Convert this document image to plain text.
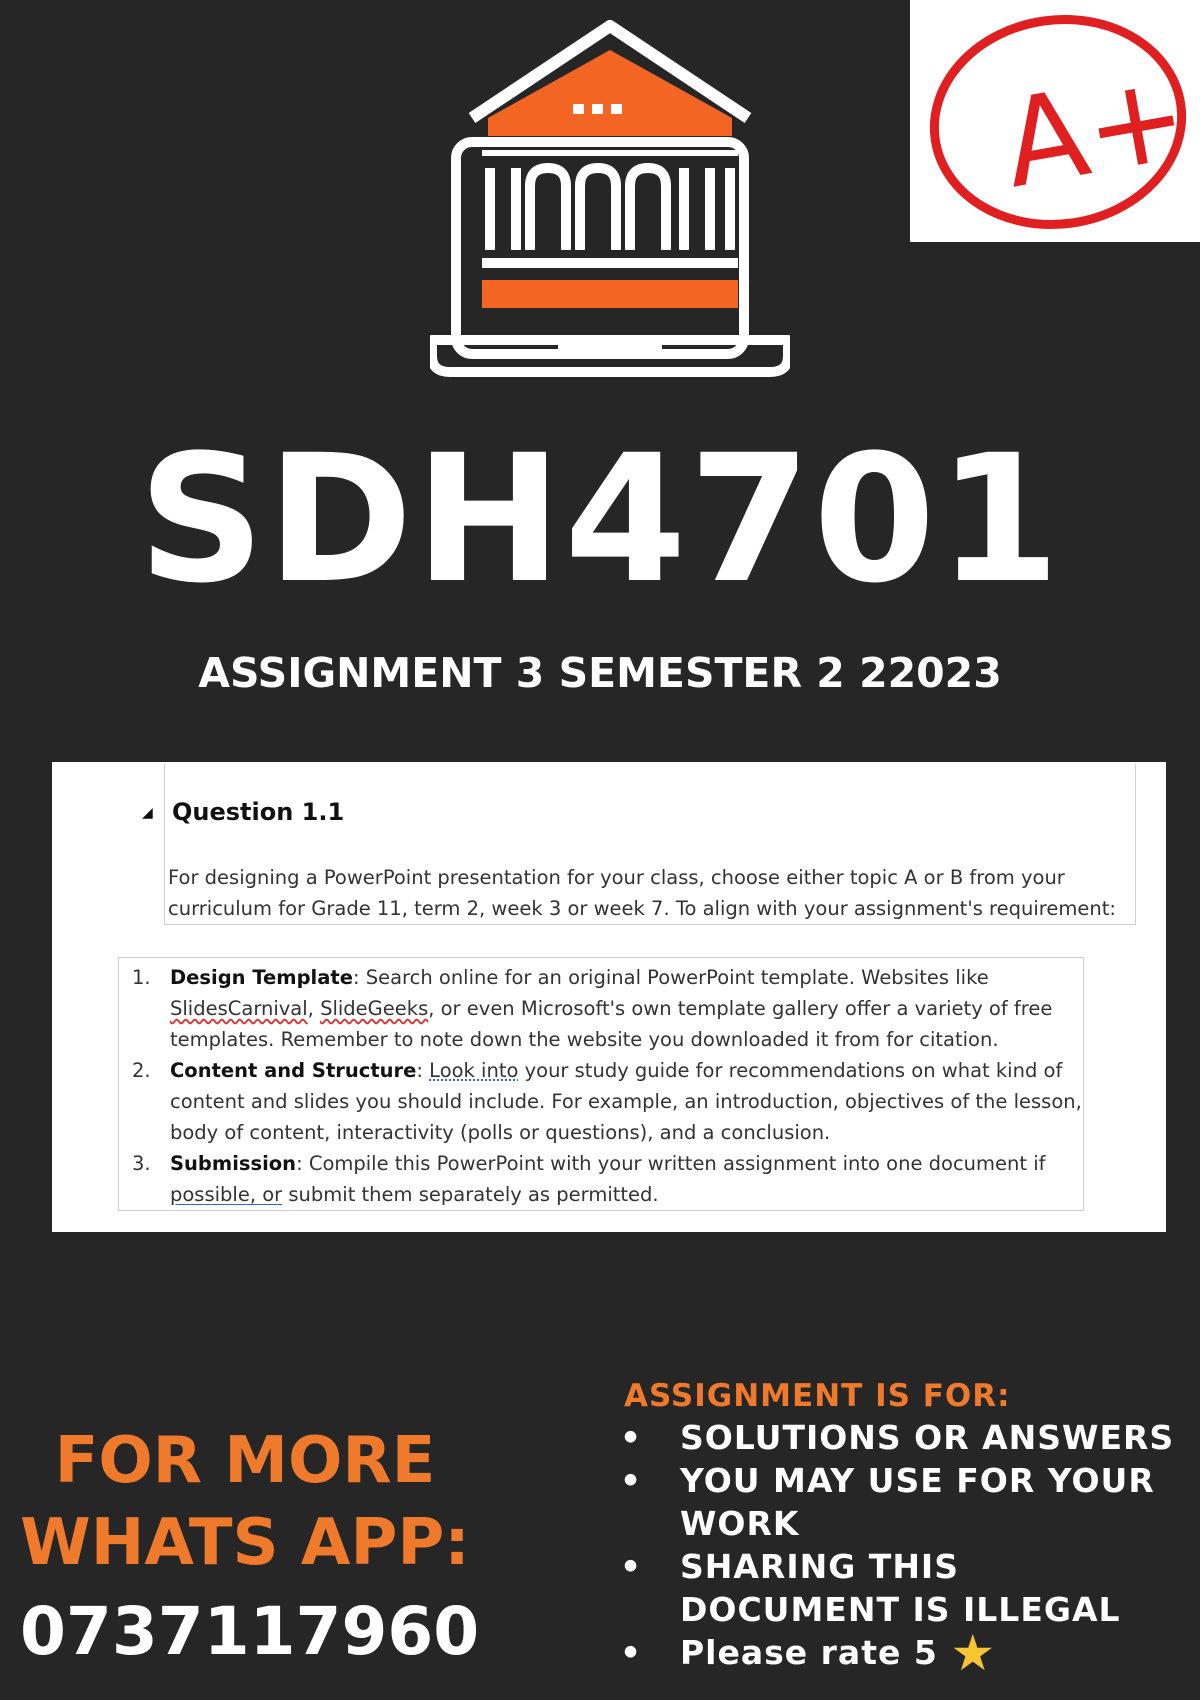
A+
SDH4701
ASSIGNMENT 3 SEMESTER 2 22023
◢ Question 1.1
For designing a PowerPoint presentation for your class, choose either topic A or B from your curriculum for Grade 11, term 2, week 3 or week 7. To align with your assignment's requirement:
1. Design Template: Search online for an original PowerPoint template. Websites like SlidesCarnival, SlideGeeks, or even Microsoft's own template gallery offer a variety of free templates. Remember to note down the website you downloaded it from for citation.
2. Content and Structure: Look into your study guide for recommendations on what kind of content and slides you should include. For example, an introduction, objectives of the lesson, body of content, interactivity (polls or questions), and a conclusion.
3. Submission: Compile this PowerPoint with your written assignment into one document if possible, or submit them separately as permitted.
FOR MORE
WHATS APP:
0737117960
ASSIGNMENT IS FOR:
• SOLUTIONS OR ANSWERS
• YOU MAY USE FOR YOUR WORK
• SHARING THIS DOCUMENT IS ILLEGAL
• Please rate 5 ★
